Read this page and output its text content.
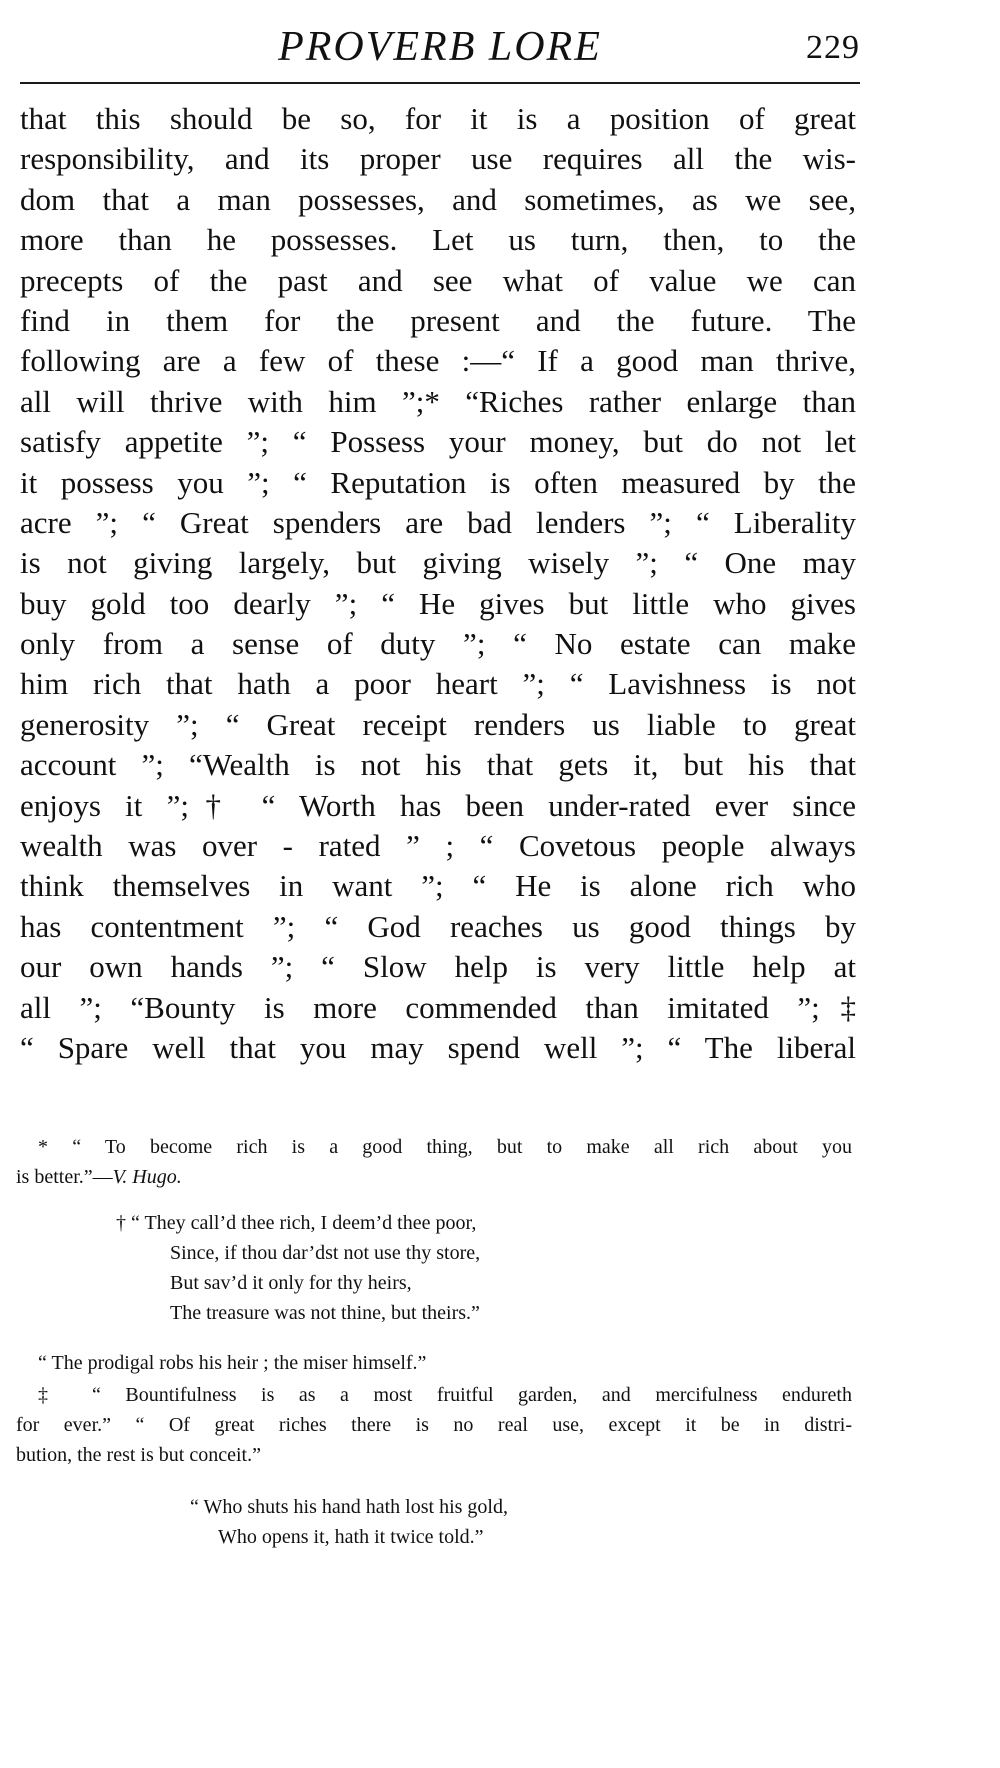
PROVERB LORE	229
that this should be so, for it is a position of great
responsibility, and its proper use requires all the wis-
dom that a man possesses, and sometimes, as we see,
more than he possesses. Let us turn, then, to the
precepts of the past and see what of value we can
find in them for the present and the future. The
following are a few of these :—“ If a good man thrive,
all will thrive with him ”;* “Riches rather enlarge than
satisfy appetite ”; “ Possess your money, but do not let
it possess you ”; “ Reputation is often measured by the
acre ”; “ Great spenders are bad lenders ”; “ Liberality
is not giving largely, but giving wisely ”; “ One may
buy gold too dearly ”; “ He gives but little who gives
only from a sense of duty ”; “ No estate can make
him rich that hath a poor heart ”; “ Lavishness is not
generosity ”; “ Great receipt renders us liable to great
account ”; “Wealth is not his that gets it, but his that
enjoys it ”;† “ Worth has been under-rated ever since
wealth was over - rated ” ; “ Covetous people always
think themselves in want ”; “ He is alone rich who
has contentment ”; “ God reaches us good things by
our own hands ”; “ Slow help is very little help at
all ”; “Bounty is more commended than imitated ”;‡
“ Spare well that you may spend well ”; “ The liberal
* “ To become rich is a good thing, but to make all rich about you
is better.”—V. Hugo.
† “ They call’d thee rich, I deem’d thee poor,
Since, if thou dar’dst not use thy store,
But sav’d it only for thy heirs,
The treasure was not thine, but theirs.”
“ The prodigal robs his heir ; the miser himself.”
‡ “ Bountifulness is as a most fruitful garden, and mercifulness endureth
for ever.” “ Of great riches there is no real use, except it be in distri-
bution, the rest is but conceit.”
“ Who shuts his hand hath lost his gold,
Who opens it, hath it twice told.”
